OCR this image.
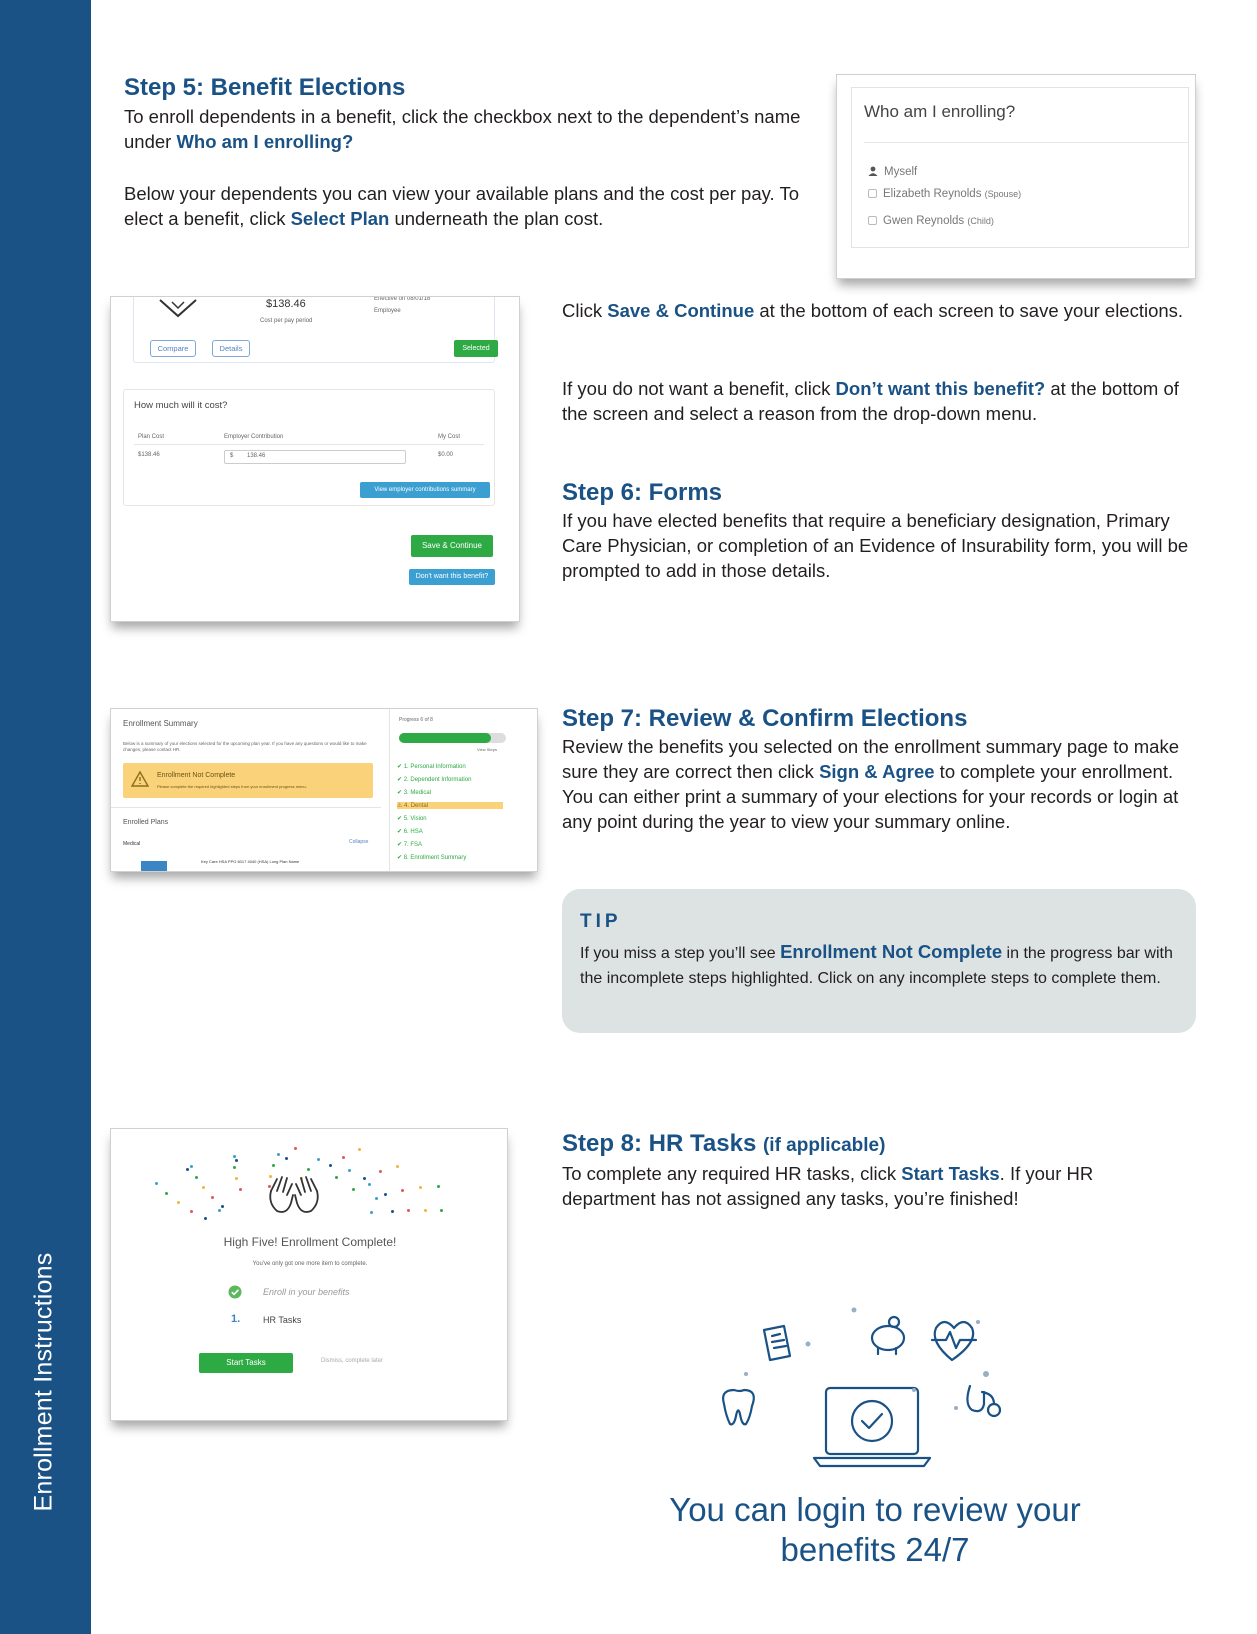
Enrollment Instructions
Step 5: Benefit Elections
To enroll dependents in a benefit, click the checkbox next to the dependent’s name under Who am I enrolling?
Below your dependents you can view your available plans and the cost per pay. To elect a benefit, click Select Plan underneath the plan cost.
Who am I enrolling?
Myself
Elizabeth Reynolds (Spouse)
Gwen Reynolds (Child)
$138.46
Cost per pay period
Effective on 08/01/18
Employee
Compare	Details	Selected
How much will it cost?
Plan Cost	Employer Contribution	My Cost
$138.46	$ 138.46	$0.00
View employer contributions summary
Save & Continue
Don't want this benefit?
Click Save & Continue at the bottom of each screen to save your elections.
If you do not want a benefit, click Don’t want this benefit? at the bottom of the screen and select a reason from the drop-down menu.
Step 6: Forms
If you have elected benefits that require a beneficiary designation, Primary Care Physician, or completion of an Evidence of Insurability form, you will be prompted to add in those details.
Enrollment Summary
Below is a summary of your elections selected for the upcoming plan year. If you have any questions or would like to make changes, please contact HR.
Enrollment Not Complete
Please complete the required highlighted steps from your enrollment progress menu.
Enrolled Plans
Medical	Collapse
Key Care HSA PPO 6017 4040 (HSA) Long Plan Name
Progress 6 of 8
View Steps
✔ 1. Personal Information
✔ 2. Dependent Information
✔ 3. Medical
⚠ 4. Dental
✔ 5. Vision
✔ 6. HSA
✔ 7. FSA
✔ 8. Enrollment Summary
Step 7: Review & Confirm Elections
Review the benefits you selected on the enrollment summary page to make sure they are correct then click Sign & Agree to complete your enrollment. You can either print a summary of your elections for your records or login at any point during the year to view your summary online.
TIP
If you miss a step you’ll see Enrollment Not Complete in the progress bar with the incomplete steps highlighted. Click on any incomplete steps to complete them.
High Five! Enrollment Complete!
You've only got one more item to complete.
Enroll in your benefits
1.	HR Tasks
Start Tasks	Dismiss, complete later
Step 8: HR Tasks (if applicable)
To complete any required HR tasks, click Start Tasks. If your HR department has not assigned any tasks, you’re finished!
You can login to review your
benefits 24/7
